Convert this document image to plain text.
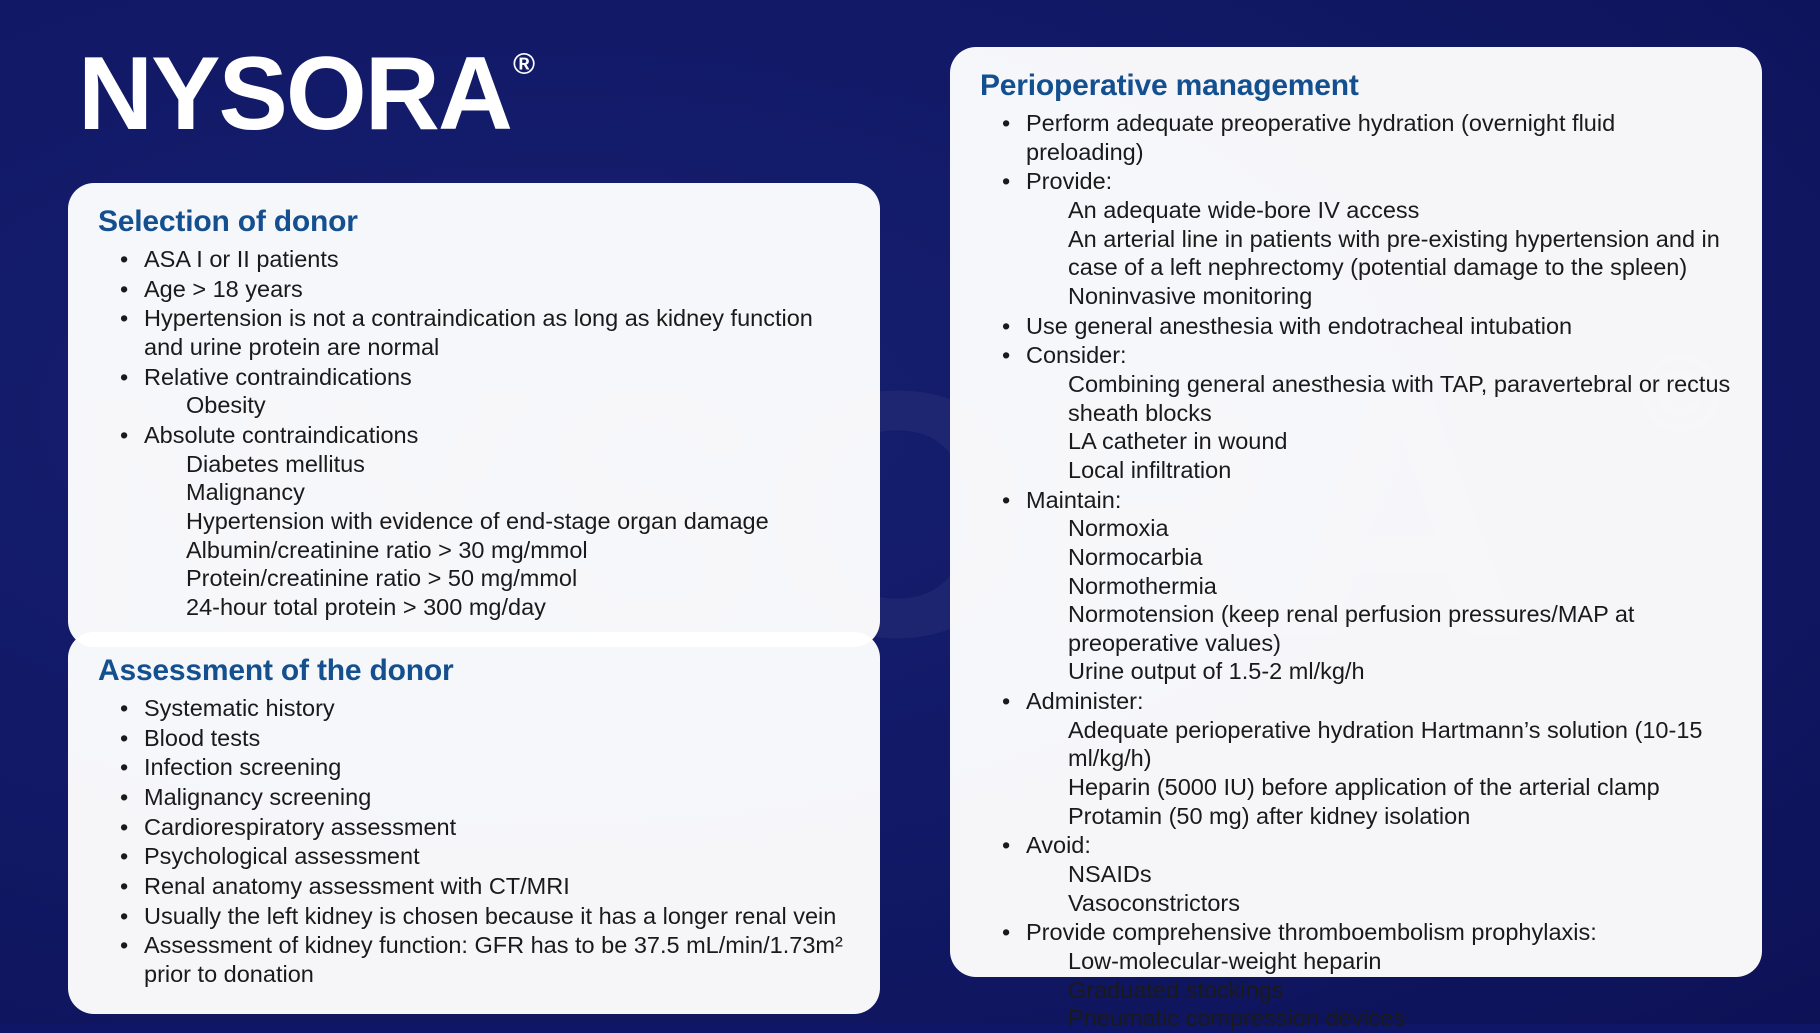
NYSORA ®
Selection of donor
• ASA I or II patients
• Age > 18 years
• Hypertension is not a contraindication as long as kidney function and urine protein are normal
• Relative contraindications
Obesity
• Absolute contraindications
Diabetes mellitus
Malignancy
Hypertension with evidence of end-stage organ damage
Albumin/creatinine ratio > 30 mg/mmol
Protein/creatinine ratio > 50 mg/mmol
24-hour total protein > 300 mg/day
Assessment of the donor
• Systematic history
• Blood tests
• Infection screening
• Malignancy screening
• Cardiorespiratory assessment
• Psychological assessment
• Renal anatomy assessment with CT/MRI
• Usually the left kidney is chosen because it has a longer renal vein
• Assessment of kidney function: GFR has to be 37.5 mL/min/1.73m² prior to donation
Perioperative management
• Perform adequate preoperative hydration (overnight fluid preloading)
• Provide:
An adequate wide-bore IV access
An arterial line in patients with pre-existing hypertension and in case of a left nephrectomy (potential damage to the spleen)
Noninvasive monitoring
• Use general anesthesia with endotracheal intubation
• Consider:
Combining general anesthesia with TAP, paravertebral or rectus sheath blocks
LA catheter in wound
Local infiltration
• Maintain:
Normoxia
Normocarbia
Normothermia
Normotension (keep renal perfusion pressures/MAP at preoperative values)
Urine output of 1.5-2 ml/kg/h
• Administer:
Adequate perioperative hydration Hartmann’s solution (10-15 ml/kg/h)
Heparin (5000 IU) before application of the arterial clamp
Protamin (50 mg) after kidney isolation
• Avoid:
NSAIDs
Vasoconstrictors
• Provide comprehensive thromboembolism prophylaxis:
Low-molecular-weight heparin
Graduated stockings
Pneumatic compression devices
